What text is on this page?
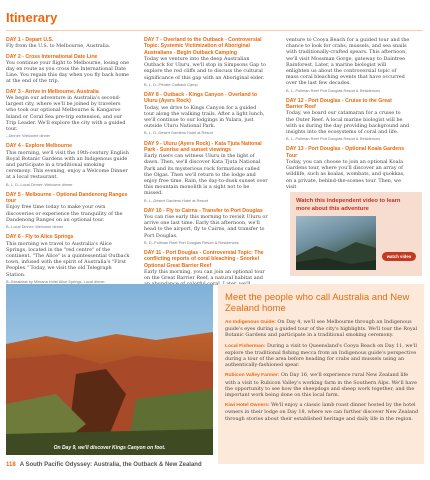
Itinerary
DAY 1 - Depart U.S.
Fly from the U.S. to Melbourne, Australia.
DAY 2 - Cross International Date Line
You continue your flight to Melbourne, losing one day en route as you cross the International Date Line. You regain this day when you fly back home at the end of the trip.
DAY 3 - Arrive in Melbourne, Australia
We begin our adventure in Australia's second-largest city, where we'll be joined by travelers who took our optional Melbourne & Kangaroo Island or Coral Sea pre-trip extension, and our Trip Leader. We'll explore the city with a guided tour.
--Dinner: Welcome dinner
DAY 4 - Explore Melbourne
This morning, we'll visit the 19th-century English Royal Botanic Gardens with an Indigenous guide and participate in a traditional smoking ceremony. This evening, enjoy a Welcome Dinner at a local restaurant.
B, L, D--Local Dinner: Welcome dinner
DAY 5 - Melbourne - Optional Dandenong Ranges tour
Enjoy free time today to make your own discoveries or experience the tranquility of the Dandenong Ranges on an optional tour.
B--Local Dinner: Welcome dinner
DAY 6 - Fly to Alice Springs
This morning we travel to Australia's Alice Springs, located in the "red centre" of the continent. "The Alice" is a quintessential Outback town, infused with the spirit of Australia's "First Peoples." Today, we visit the old Telegraph Station.
B--Breakfast by Mimana Hotel Alice Springs, Local dinner
DAY 7 - Overland to the Outback - Controversial Topic: Systemic Victimization of Aboriginal Australians - Begin Outback Camping
Today we venture into the deep Australian Outback for Uluru, we'll stop in Simpsons Gap to explore the red cliffs and to discuss the cultural significance of this gap with an Aboriginal elder.
B, L, D--Private Outback Camp
DAY 8 - Outback - Kings Canyon - Overland to Uluru (Ayers Rock)
Today, we drive to Kings Canyon for a guided tour along the walking trails. After a light lunch, we'll continue to our lodgings in Yulara, just outside Uluru National Park.
B, L, D--Desert Gardens Hotel at Resort
DAY 9 - Uluru (Ayers Rock) - Kata Tjuta National Park - Sunrise and sunset viewings
Early risers can witness Uluru in the light of dawn. Then, we'll discover Kata Tjuta National Park and its mysterious rock formations called the Olgas. Then we'll return to the lodge and enjoy free time. Rain, the day-to-dusk sunset over this mountain monolith is a sight not to be missed.
B, L--Desert Gardens Hotel at Resort
DAY 10 - Fly to Cairns - Transfer to Port Douglas
You can rise early this morning to revisit Uluru or arrive one last time. Early this afternoon, we'll head to the airport, fly to Cairns, and transfer to Port Douglas.
B, D--Pullman Reef Port Douglas Resort & Residences
DAY 11 - Port Douglas - Controversial Topic: The conflicting reports of coral bleaching - Snorkel Optional Great Barrier Reef
Early this morning, you can join an optional tour on the Great Barrier Reef, a natural habitat and coral.
venture to Cooya Beach for a guided tour and the chance to look for crabs, mussels, and sea snails with traditionally-crafted spears. This afternoon, we'll visit Mossman Gorge, gateway to Daintree Rainforest. Later, a marine biologist will enlighten us about the controversial topic of mass coral bleaching events that have occurred over the last few decades.
B, L--Pullman Reef Port Douglas Resort & Residences
DAY 12 - Port Douglas - Cruise to the Great Barrier Reef
Today, we board our catamaran for a cruise to the Outer Reef. A local marine biologist will be with us during the day providing background and insights into the ecosystems of coral and life.
B, L--Pullman Reef Port Douglas Resort & Residences
DAY 13 - Port Douglas - Optional Koala Gardens Tour
Today, you can choose to join an optional Koala Gardens tour, where you'll discover an array of wildlife, such as koalas, wombats, and quokkas, on a private, behind-the-scenes tour. Then, we visit
Watch this independent video to learn more about this adventure
watch video
On Day 9, we'll discover Kings Canyon on foot.
Meet the people who call Australia and New Zealand home

An Indigenous Guide: On Day 4, we'll see Melbourne through an Indigenous guide's eyes during a guided tour of the city's highlights. We'll tour the Royal Botanic Gardens and participate in a traditional smoking ceremony.

Local Fisherman: During a visit to Queensland's Cooya Beach on Day 11, we'll explore the traditional fishing mecca from an Indigenous guide's perspective during a tour of the area before heading for crabs and mussels using an authentically-fashioned spear.

Rubicon Valley Farmer: On Day 16, we'll experience rural New Zealand life with a visit to Rubicon Valley's working farm in the Southern Alps. We'll have the opportunity to see how the sheepdogs and sheep work together, and the important work being done on this local farm.

Kiwi Hotel Owners: We'll enjoy a classic lamb roast dinner hosted by the hotel owners in their lodge on Day 18, where we can further discover New Zealand through stories about their established heritage and daily life in the region.

118 A South Pacific Odyssey: Australia, the Outback & New Zealand
